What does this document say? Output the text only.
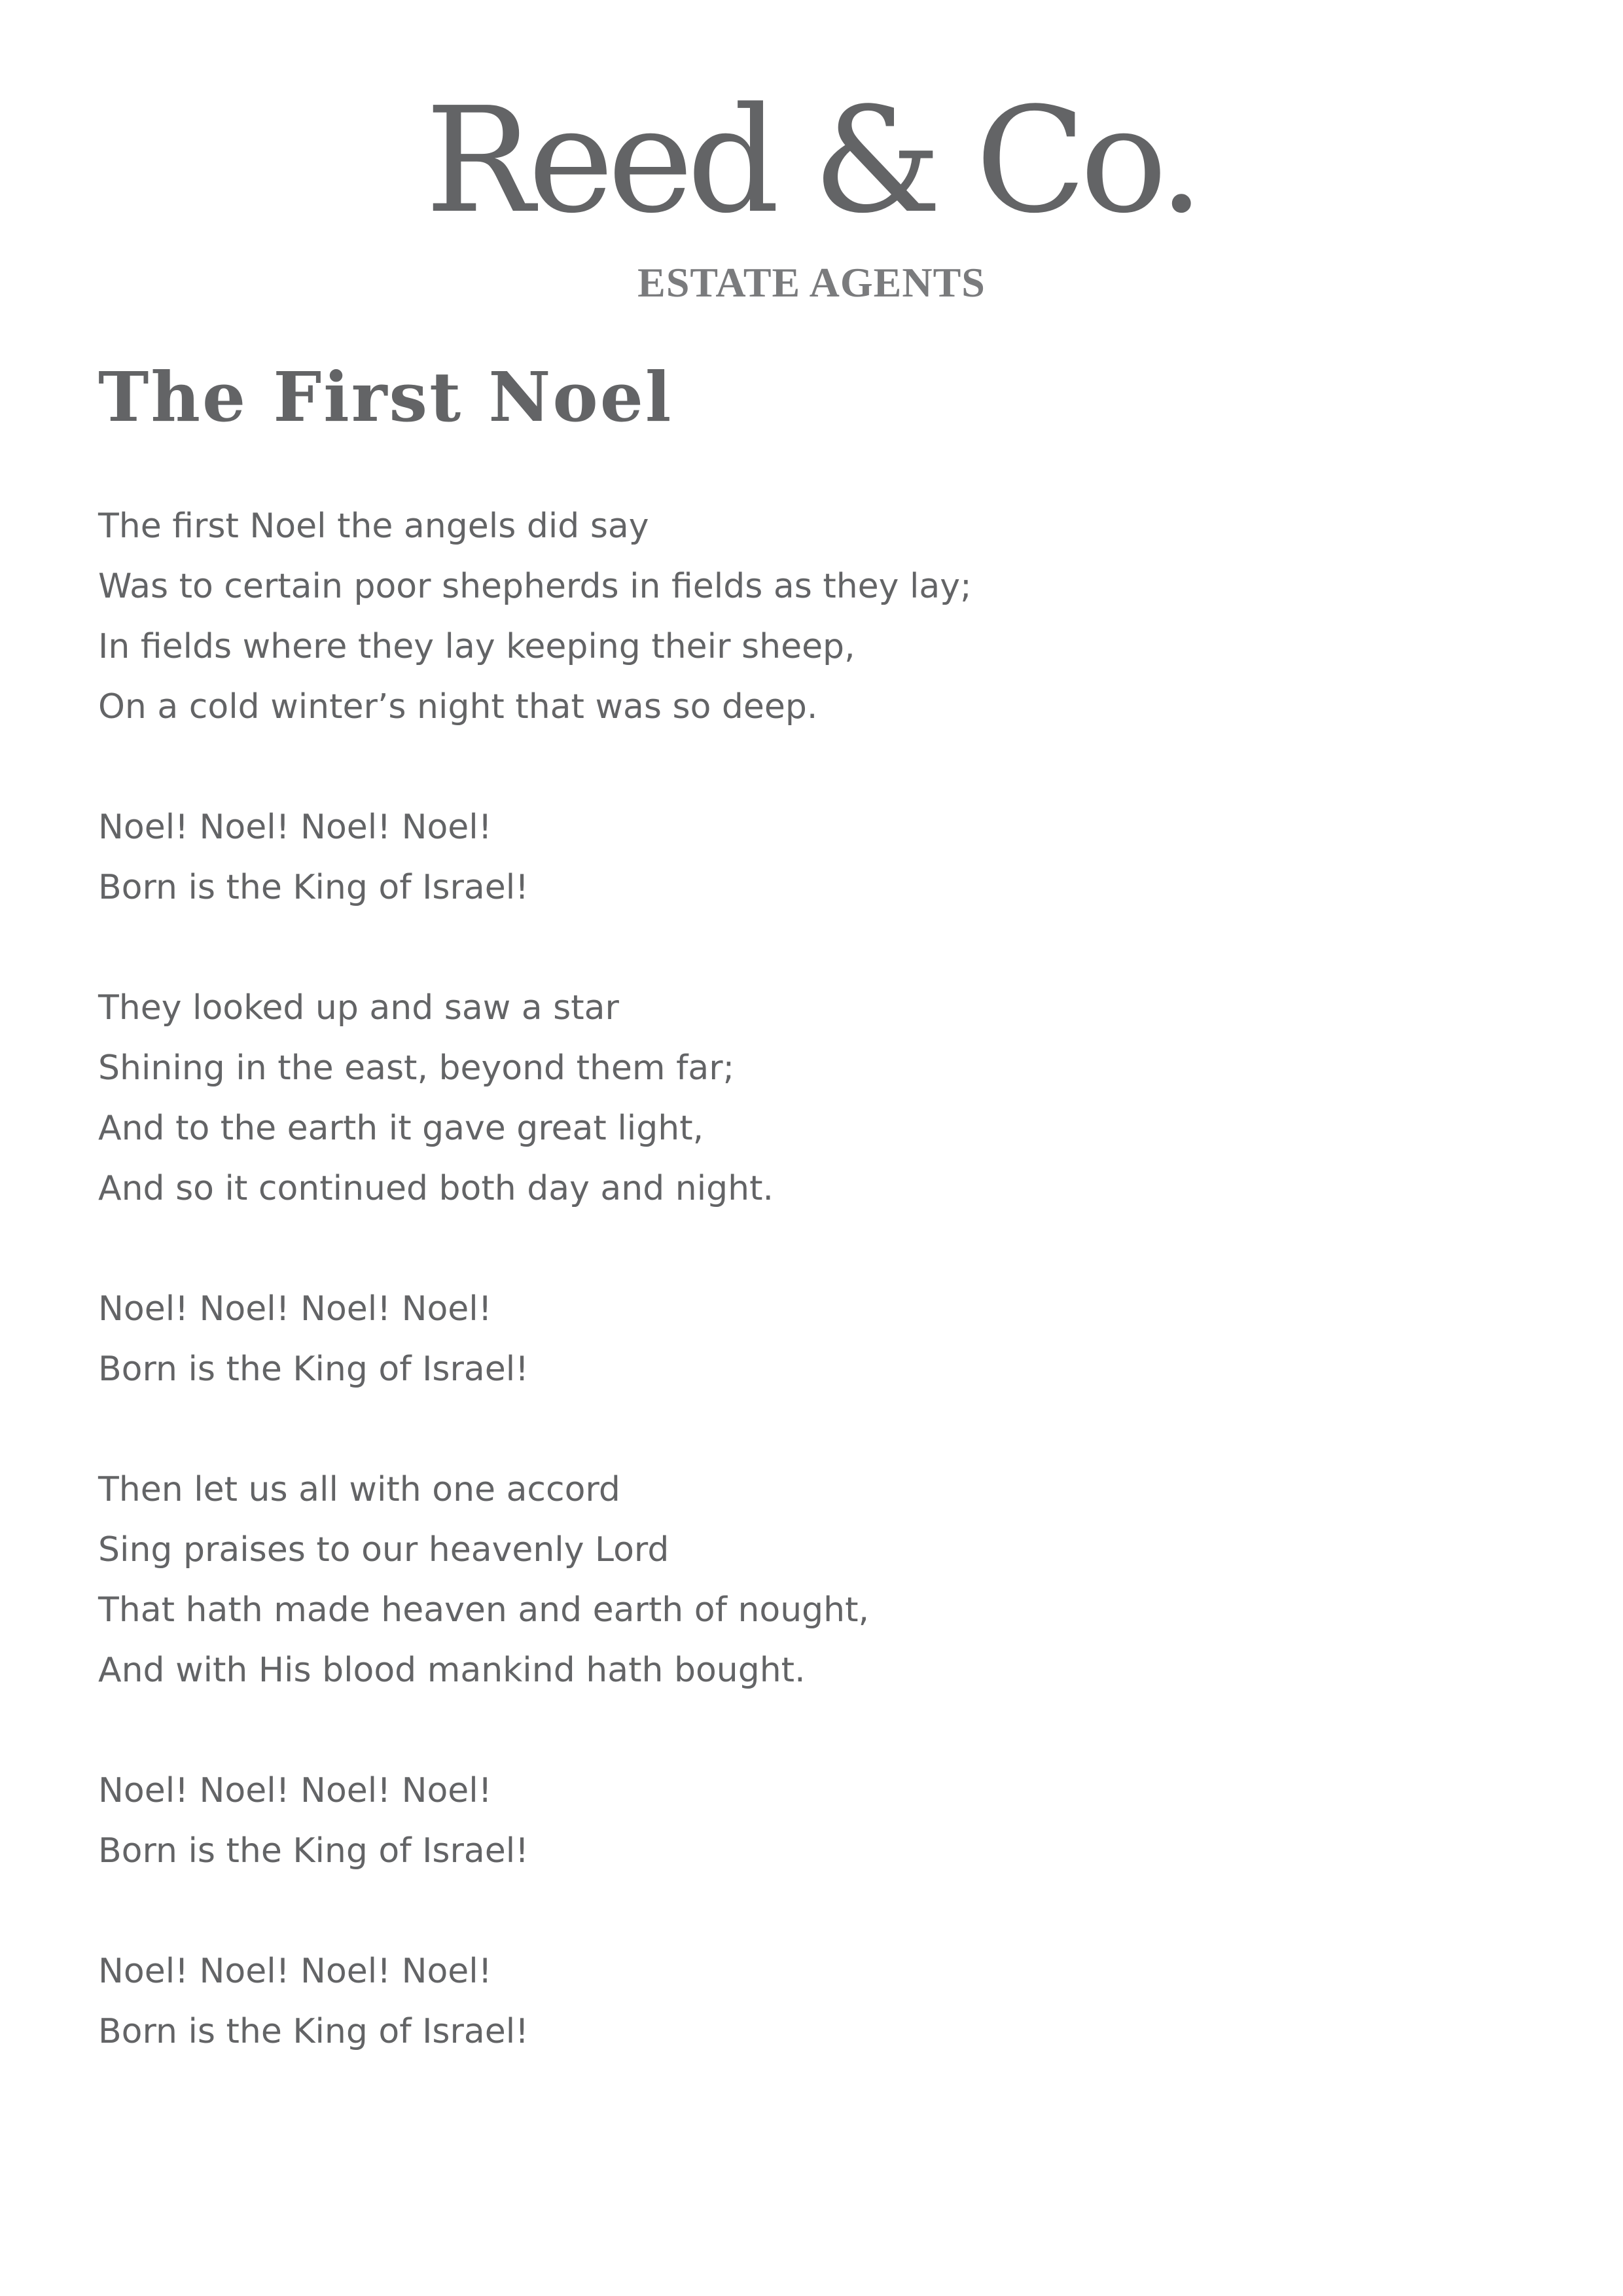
Reed & Co.
ESTATE AGENTS
The First Noel
The first Noel the angels did say
Was to certain poor shepherds in fields as they lay;
In fields where they lay keeping their sheep,
On a cold winter’s night that was so deep.
Noel! Noel! Noel! Noel!
Born is the King of Israel!
They looked up and saw a star
Shining in the east, beyond them far;
And to the earth it gave great light,
And so it continued both day and night.
Noel! Noel! Noel! Noel!
Born is the King of Israel!
Then let us all with one accord
Sing praises to our heavenly Lord
That hath made heaven and earth of nought,
And with His blood mankind hath bought.
Noel! Noel! Noel! Noel!
Born is the King of Israel!
Noel! Noel! Noel! Noel!
Born is the King of Israel!
